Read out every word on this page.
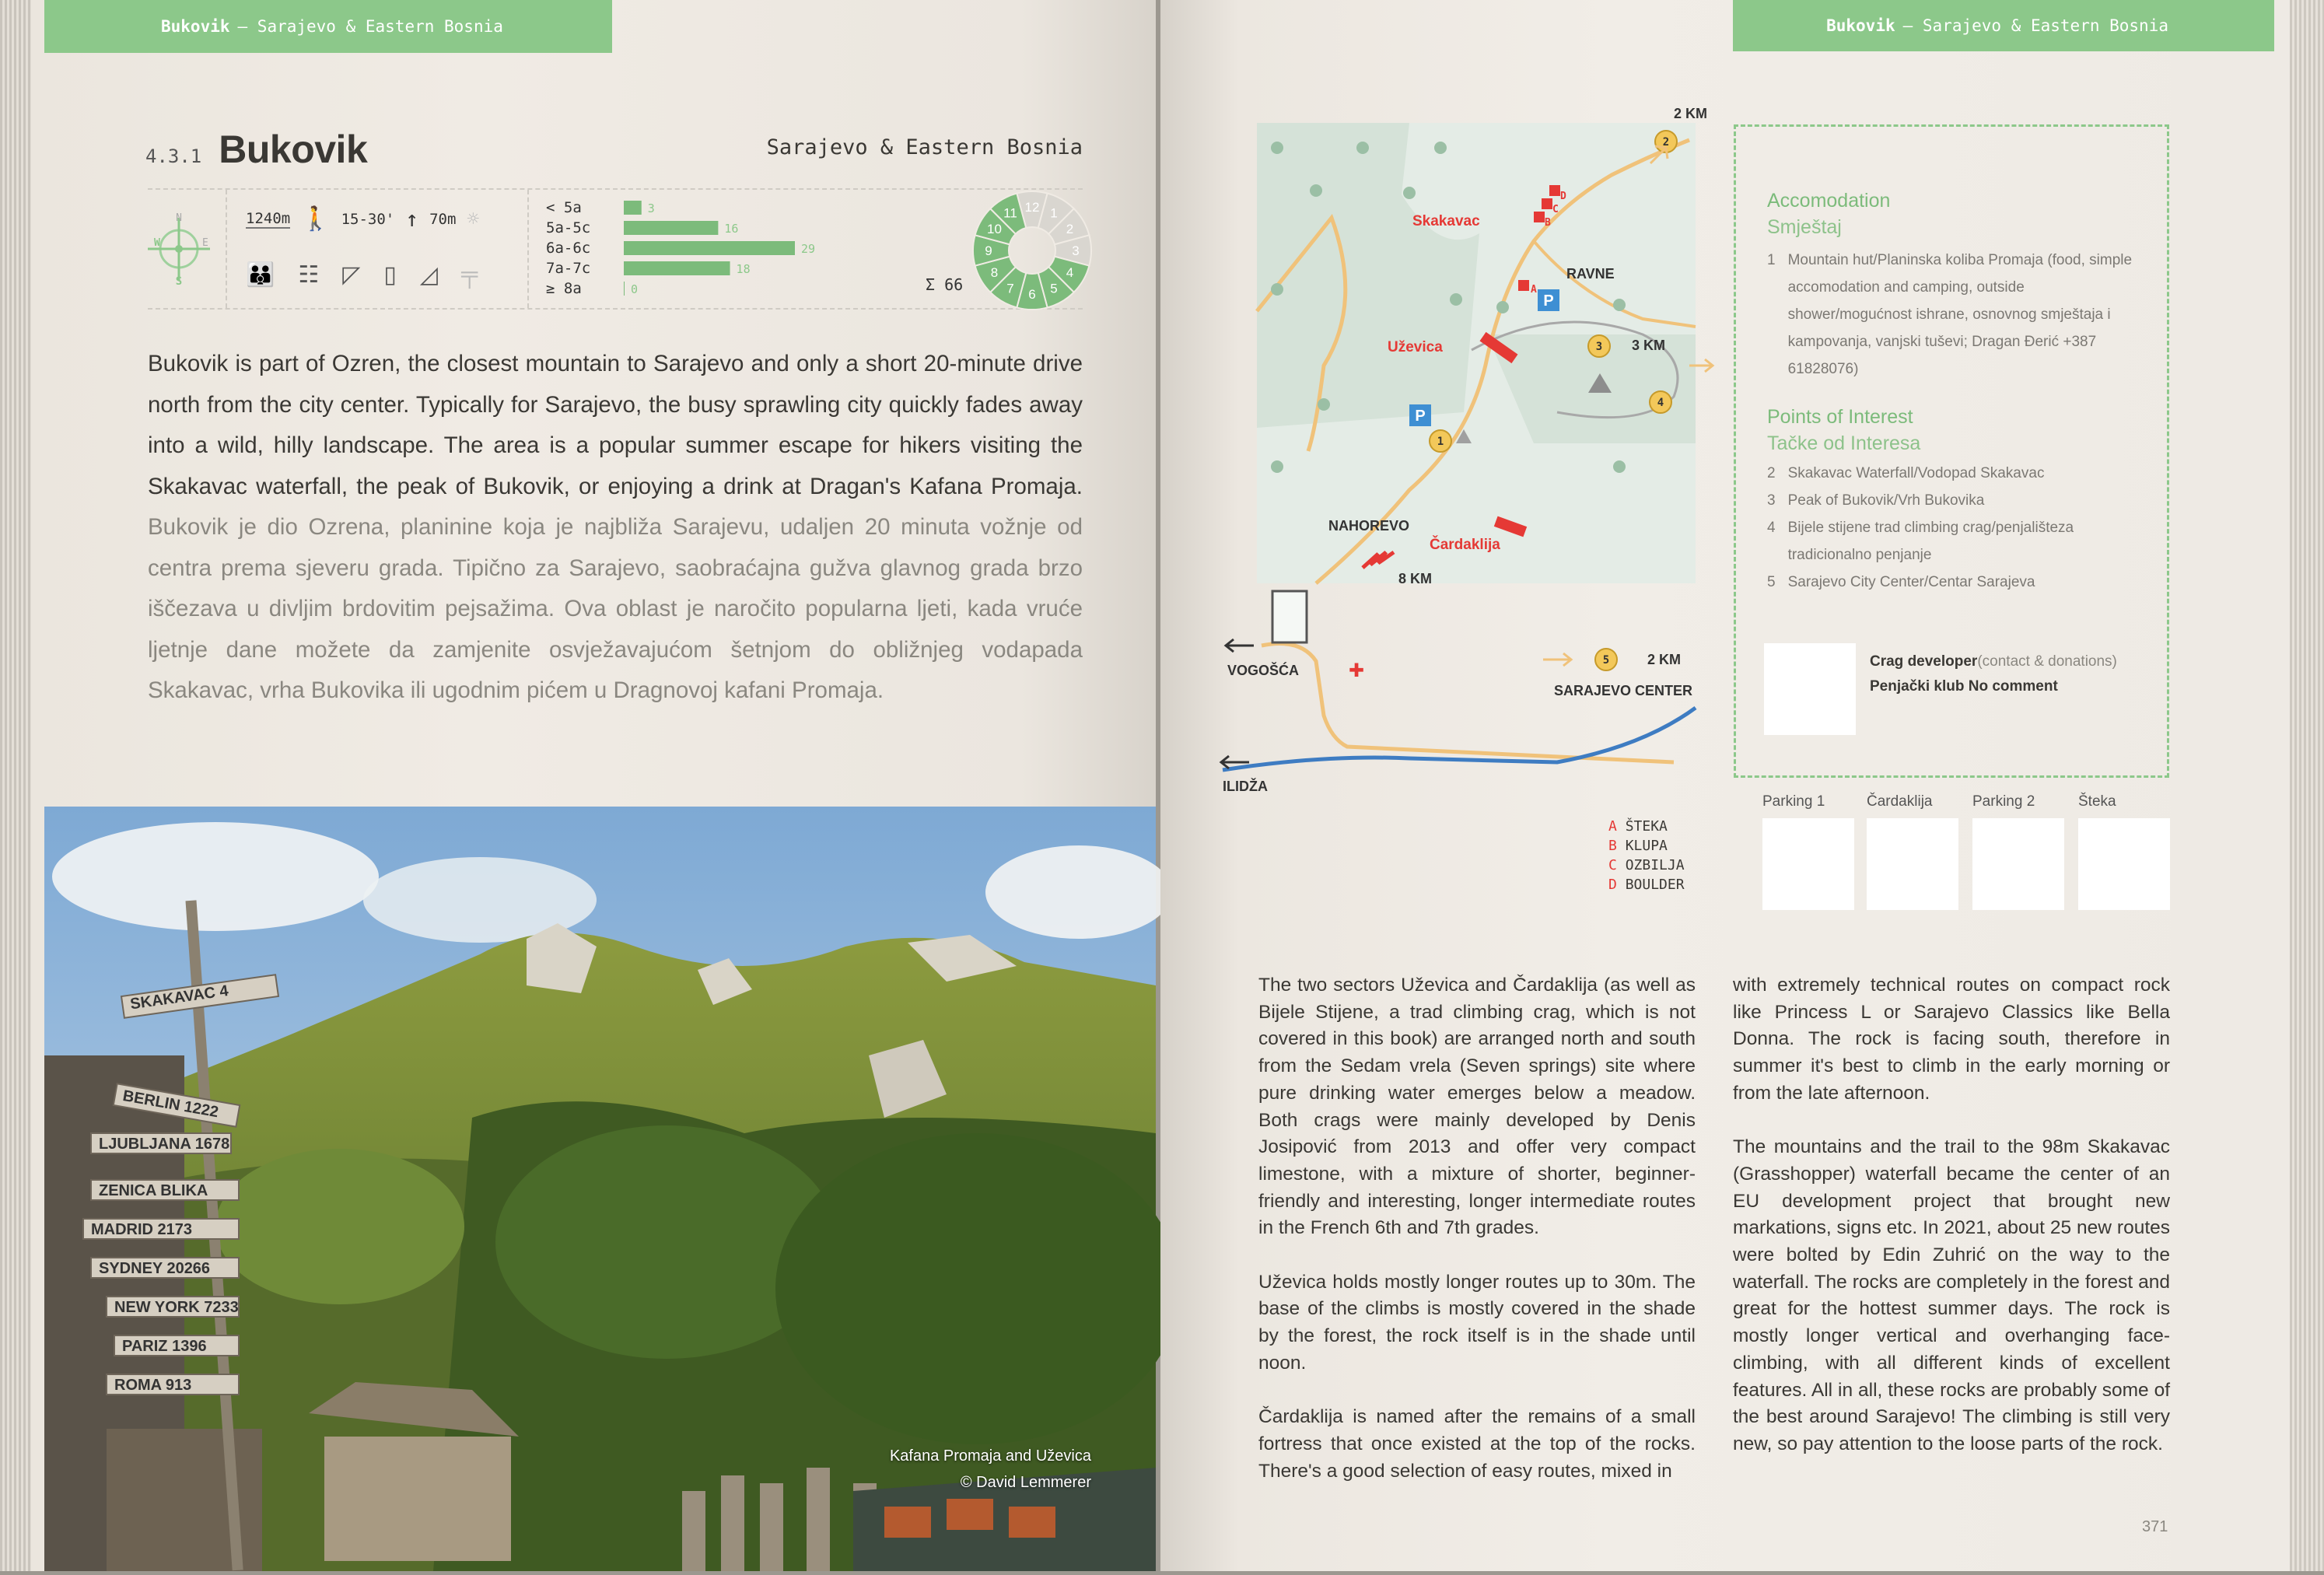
Bukovik – Sarajevo & Eastern Bosnia
4.3.1 Bukovik	Sarajevo & Eastern Bosnia
N
S
W	E
1240m 🚶 15-30' ↑ 70m ☼
👪 ☷ ◸ ▯ ◿ ╤
< 5a	3
5a-5c	16
6a-6c	29
7a-7c	18
≥ 8a	0	Σ 66
12 1
2
3
4
5
6
7
8
9
10
11
Bukovik is part of Ozren, the closest mountain to Sarajevo and only a short 20-minute drive north from the city center. Typically for Sarajevo, the busy sprawling city quickly fades away into a wild, hilly landscape. The area is a popular summer escape for hikers visiting the Skakavac waterfall, the peak of Bukovik, or enjoying a drink at Dragan's Kafana Promaja. Bukovik je dio Ozrena, planinine koja je najbliža Sarajevu, udaljen 20 minuta vožnje od centra prema sjeveru grada. Tipično za Sarajevo, saobraćajna gužva glavnog grada brzo iščezava u divljim brdovitim pejsažima. Ova oblast je naročito popularna ljeti, kada vruće ljetnje dane možete da zamjenite osvježavajućom šetnjom do obližnjeg vodapada Skakavac, vrha Bukovika ili ugodnim pićem u Dragnovoj kafani Promaja.
SKAKAVAC 4
BERLIN 1222
LJUBLJANA 1678
ZENICA BLIKA
MADRID 2173
SYDNEY 20266
NEW YORK 7233
PARIZ 1396
ROMA 913
Kafana Promaja and Uževica
© David Lemmerer
Bukovik – Sarajevo & Eastern Bosnia
2
3
1
4
5
D
C
B
A
Skakavac
RAVNE
Uževica
NAHOREVO
Čardaklija
VOGOŠĆA
ILIDŽA
SARAJEVO CENTER
2 KM
3 KM
8 KM
2 KM
P
P
✚
A ŠTEKA
B KLUPA
C OZBILJA
D BOULDER
Accomodation
Smještaj
1 Mountain hut/Planinska koliba Promaja (food, simple accomodation and camping, outside shower/mogućnost ishrane, osnovnog smještaja i kampovanja, vanjski tuševi; Dragan Đerić +387 61828076)
Points of Interest
Tačke od Interesa
2 Skakavac Waterfall/Vodopad Skakavac
3 Peak of Bukovik/Vrh Bukovika
4 Bijele stijene trad climbing crag/penjališteza tradicionalno penjanje
5 Sarajevo City Center/Centar Sarajeva
Crag developer(contact & donations)
Penjački klub No comment
Parking 1	Čardaklija	Parking 2	Šteka

The two sectors Uževica and Čardaklija (as well as Bijele Stijene, a trad climbing crag, which is not covered in this book) are arranged north and south from the Sedam vrela (Seven springs) site where pure drinking water emerges below a meadow. Both crags were mainly developed by Denis Josipović from 2013 and offer very compact limestone, with a mixture of shorter, beginner-friendly and interesting, longer intermediate routes in the French 6th and 7th grades.

Uževica holds mostly longer routes up to 30m. The base of the climbs is mostly covered in the shade by the forest, the rock itself is in the shade until noon.

Čardaklija is named after the remains of a small fortress that once existed at the top of the rocks. There's a good selection of easy routes, mixed in

with extremely technical routes on compact rock like Princess L or Sarajevo Classics like Bella Donna. The rock is facing south, therefore in summer it's best to climb in the early morning or from the late afternoon.

The mountains and the trail to the 98m Skakavac (Grasshopper) waterfall became the center of an EU development project that brought new markations, signs etc. In 2021, about 25 new routes were bolted by Edin Zuhrić on the way to the waterfall. The rocks are completely in the forest and great for the hottest summer days. The rock is mostly longer vertical and overhanging face-climbing, with all different kinds of excellent features. All in all, these rocks are probably some of the best around Sarajevo! The climbing is still very new, so pay attention to the loose parts of the rock.

371
